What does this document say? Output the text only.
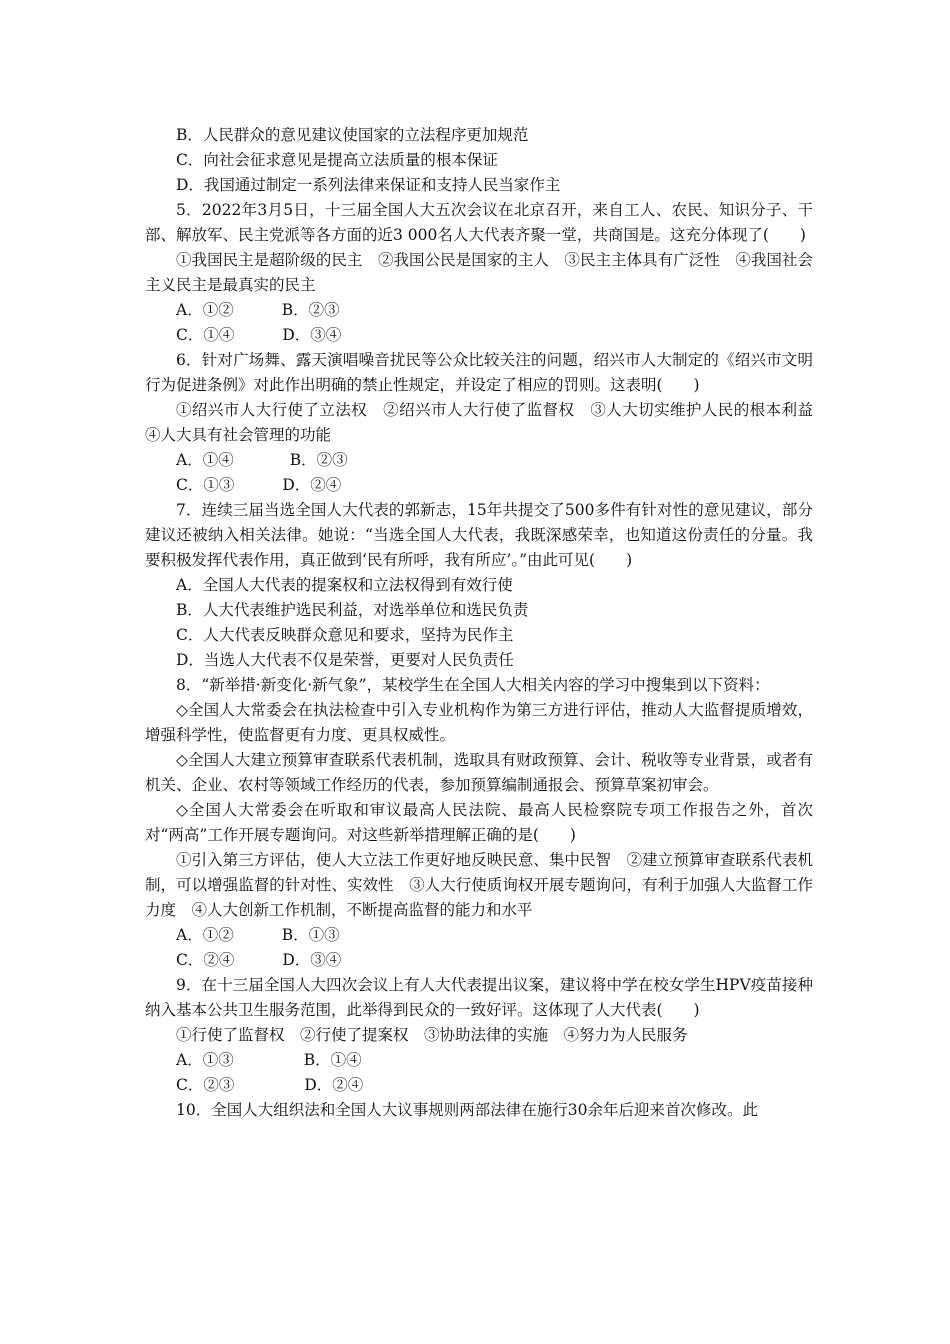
B．人民群众的意见建议使国家的立法程序更加规范

C．向社会征求意见是提高立法质量的根本保证

D．我国通过制定一系列法律来保证和支持人民当家作主

5．2022年3月5日，十三届全国人大五次会议在北京召开，来自工人、农民、知识分子、干部、解放军、民主党派等各方面的近3 000名人大代表齐聚一堂，共商国是。这充分体现了(　　)

①我国民主是超阶级的民主　②我国公民是国家的主人　③民主主体具有广泛性　④我国社会主义民主是最真实的民主

A．①②	B．②③
C．①④	D．③④

6．针对广场舞、露天演唱噪音扰民等公众比较关注的问题，绍兴市人大制定的《绍兴市文明行为促进条例》对此作出明确的禁止性规定，并设定了相应的罚则。这表明(　　)

①绍兴市人大行使了立法权　②绍兴市人大行使了监督权　③人大切实维护人民的根本利益　④人大具有社会管理的功能

A．①④	B．②③
C．①③	D．②④

7．连续三届当选全国人大代表的郭新志，15年共提交了500多件有针对性的意见建议，部分建议还被纳入相关法律。她说：“当选全国人大代表，我既深感荣幸，也知道这份责任的分量。我要积极发挥代表作用，真正做到‘民有所呼，我有所应’。”由此可见(　　)

A．全国人大代表的提案权和立法权得到有效行使

B．人大代表维护选民利益，对选举单位和选民负责

C．人大代表反映群众意见和要求，坚持为民作主

D．当选人大代表不仅是荣誉，更要对人民负责任

8．“新举措·新变化·新气象”，某校学生在全国人大相关内容的学习中搜集到以下资料：

◇全国人大常委会在执法检查中引入专业机构作为第三方进行评估，推动人大监督提质增效，增强科学性，使监督更有力度、更具权威性。

◇全国人大建立预算审查联系代表机制，选取具有财政预算、会计、税收等专业背景，或者有机关、企业、农村等领域工作经历的代表，参加预算编制通报会、预算草案初审会。

◇全国人大常委会在听取和审议最高人民法院、最高人民检察院专项工作报告之外，首次对“两高”工作开展专题询问。对这些新举措理解正确的是(　　)

①引入第三方评估，使人大立法工作更好地反映民意、集中民智　②建立预算审查联系代表机制，可以增强监督的针对性、实效性　③人大行使质询权开展专题询问，有利于加强人大监督工作力度　④人大创新工作机制，不断提高监督的能力和水平

A．①②	B．①③
C．②④	D．③④

9．在十三届全国人大四次会议上有人大代表提出议案，建议将中学在校女学生HPV疫苗接种纳入基本公共卫生服务范围，此举得到民众的一致好评。这体现了人大代表(　　)

①行使了监督权　②行使了提案权　③协助法律的实施　④努力为人民服务

A．①③	B．①④
C．②③	D．②④

10．全国人大组织法和全国人大议事规则两部法律在施行30余年后迎来首次修改。此
